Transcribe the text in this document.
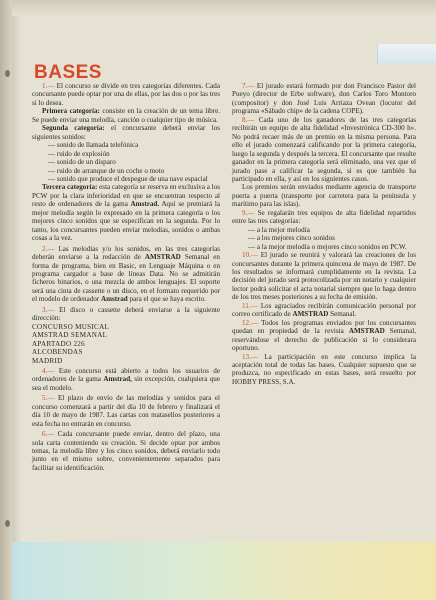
BASES

1.— El concurso se divide en tres categorías diferentes. Cada concursante puede optar por una de ellas, por las dos o por las tres si lo desea.

Primera categoría: consiste en la creación de un tema libre. Se puede enviar una melodía, canción o cualquier tipo de música.

Segunda categoría: el concursante deberá enviar los siguientes sonidos:

— sonido de llamada telefónica
— ruido de explosión
— sonido de un disparo
— ruido de arranque de un coche o moto
— sonido que produce el despegue de una nave espacial

Tercera categoría: esta categoría se reserva en exclusiva a los PCW por la clara inferioridad en que se encuentran respecto al resto de ordenadores de la gama Amstrad. Aquí se premiará la mejor melodía según lo expresado en la primera categoría o los mejores cinco sonidos que se especifican en la segunda. Por lo tanto, los concursantes pueden enviar melodías, sonidos o ambas cosas a la vez.

2.— Las melodías y/o los sonidos, en las tres categorías deberán enviarse a la redacción de AMSTRAD Semanal en forma de programa, bien en Basic, en Lenguaje Máquina o en programa cargador a base de líneas Data. No se admitirán ficheros binarios, o una mezcla de ambos lenguajes. El soporte será una cinta de cassette o un disco, en el formato requerido por el modelo de ordenador Amstrad para el que se haya escrito.

3.— El disco o cassette deberá enviarse a la siguiente dirección:

CONCURSO MUSICAL
AMSTRAD SEMANAL
APARTADO 226
ALCOBENDAS
MADRID

4.— Este concurso está abierto a todos los usuarios de ordenadores de la gama Amstrad, sin excepción, cualquiera que sea el modelo.

5.— El plazo de envío de las melodías y sonidos para el concurso comenzará a partir del día 10 de febrero y finalizará el día 10 de mayo de 1987. Las cartas con matasellos posteriores a esta fecha no entrarán en concurso.

6.— Cada concursante puede enviar, dentro del plazo, una sola carta conteniendo su creación. Si decide optar por ambos temas, la melodía libre y los cinco sonidos, deberá enviarlo todo junto en el mismo sobre, convenientemente separados para facilitar su identificación.

7.— El jurado estará formado por don Francisco Pastor del Pueyo (director de Erbe software), don Carlos Toro Montoro (compositor) y don José Luis Arriaza Ovean (locutor del programa «Sábado chip» de la cadena COPE).

8.— Cada uno de los ganadores de las tres categorías recibirán un equipo de alta fidelidad «Investrónica CD-300 h». No podrá recaer más de un premio en la misma persona. Para ello el jurado comenzará calificando por la primera categoría, luego la segunda y después la tercera. El concursante que resulte ganador en la primera categoría será eliminado, una vez que el jurado pase a calificar la segunda, si es que también ha participado en ella, y así en los siguientes casos.

Los premios serán enviados mediante agencia de transporte puerta a puerta (transporte por carretera para la península y marítimo para las islas).

9.— Se regalarán tres equipos de alta fidelidad repartidos entre las tres categorías:

— a la mejor melodía
— a los mejores cinco sonidos
— a la mejor melodía o mejores cinco sonidos en PCW.

10.— El jurado se reunirá y valorará las creaciones de los concursantes durante la primera quincena de mayo de 1987. De los resultados se informará cumplidamente en la revista. La decisión del jurado será protocolizada por un notario y cualquier lector podrá solicitar el acta notarial siempre que lo haga dentro de los tres meses posteriores a su fecha de emisión.

11.— Los agraciados recibirán comunicación personal por correo certificado de AMSTRAD Semanal.

12.— Todos los programas enviados por los concursantes quedan en propiedad de la revista AMSTRAD Semanal, reservándose el derecho de publicación si lo considerara oportuno.

13.— La participación en este concurso implica la aceptación total de todas las bases. Cualquier supuesto que se produzca, no especificado en estas bases, será resuelto por HOBBY PRESS, S.A.
